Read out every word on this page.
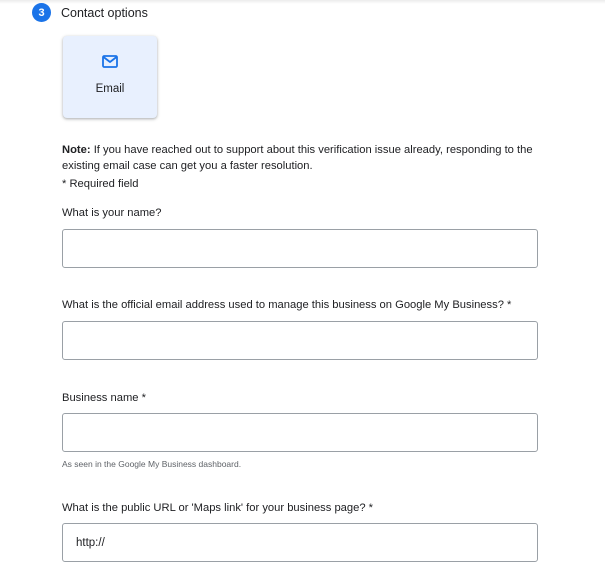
3	Contact options
Email
Note: If you have reached out to support about this verification issue already, responding to the existing email case can get you a faster resolution.
* Required field
What is your name?
What is the official email address used to manage this business on Google My Business? *
Business name *
As seen in the Google My Business dashboard.
What is the public URL or 'Maps link' for your business page? *
http://
